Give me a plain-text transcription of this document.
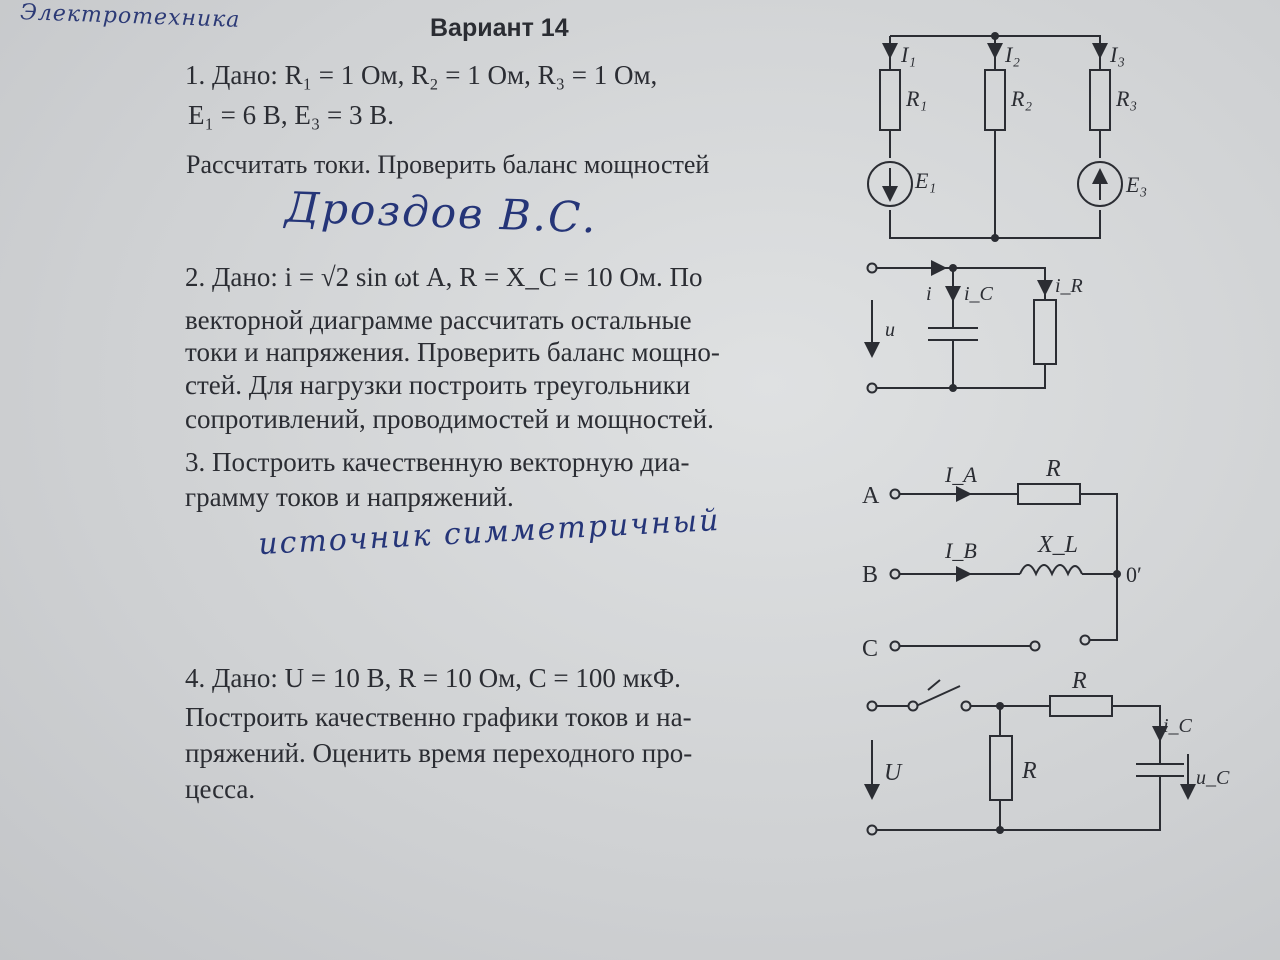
Электротехника	Вариант 14
1. Дано: R₁ = 1 Ом, R₂ = 1 Ом, R₃ = 1 Ом,
E₁ = 6 В, E₃ = 3 В.
Рассчитать токи. Проверить баланс мощностей
Дроздов В.С.
2. Дано: i = √2 sin ωt А, R = X_C = 10 Ом. По
векторной диаграмме рассчитать остальные
токи и напряжения. Проверить баланс мощно-
стей. Для нагрузки построить треугольники
сопротивлений, проводимостей и мощностей.
3. Построить качественную векторную диа-
грамму токов и напряжений.
источник симметричный
4. Дано: U = 10 В, R = 10 Ом, C = 100 мкФ.
Построить качественно графики токов и на-
пряжений. Оценить время переходного про-
цесса.
I₁	I₂	I₃
R₁	R₂	R₃
E₁	E₃
i i_C	i_R
u
A
B
C
I_A
I_B
R
X_L
0′
R
R
i_C
u_C
U
